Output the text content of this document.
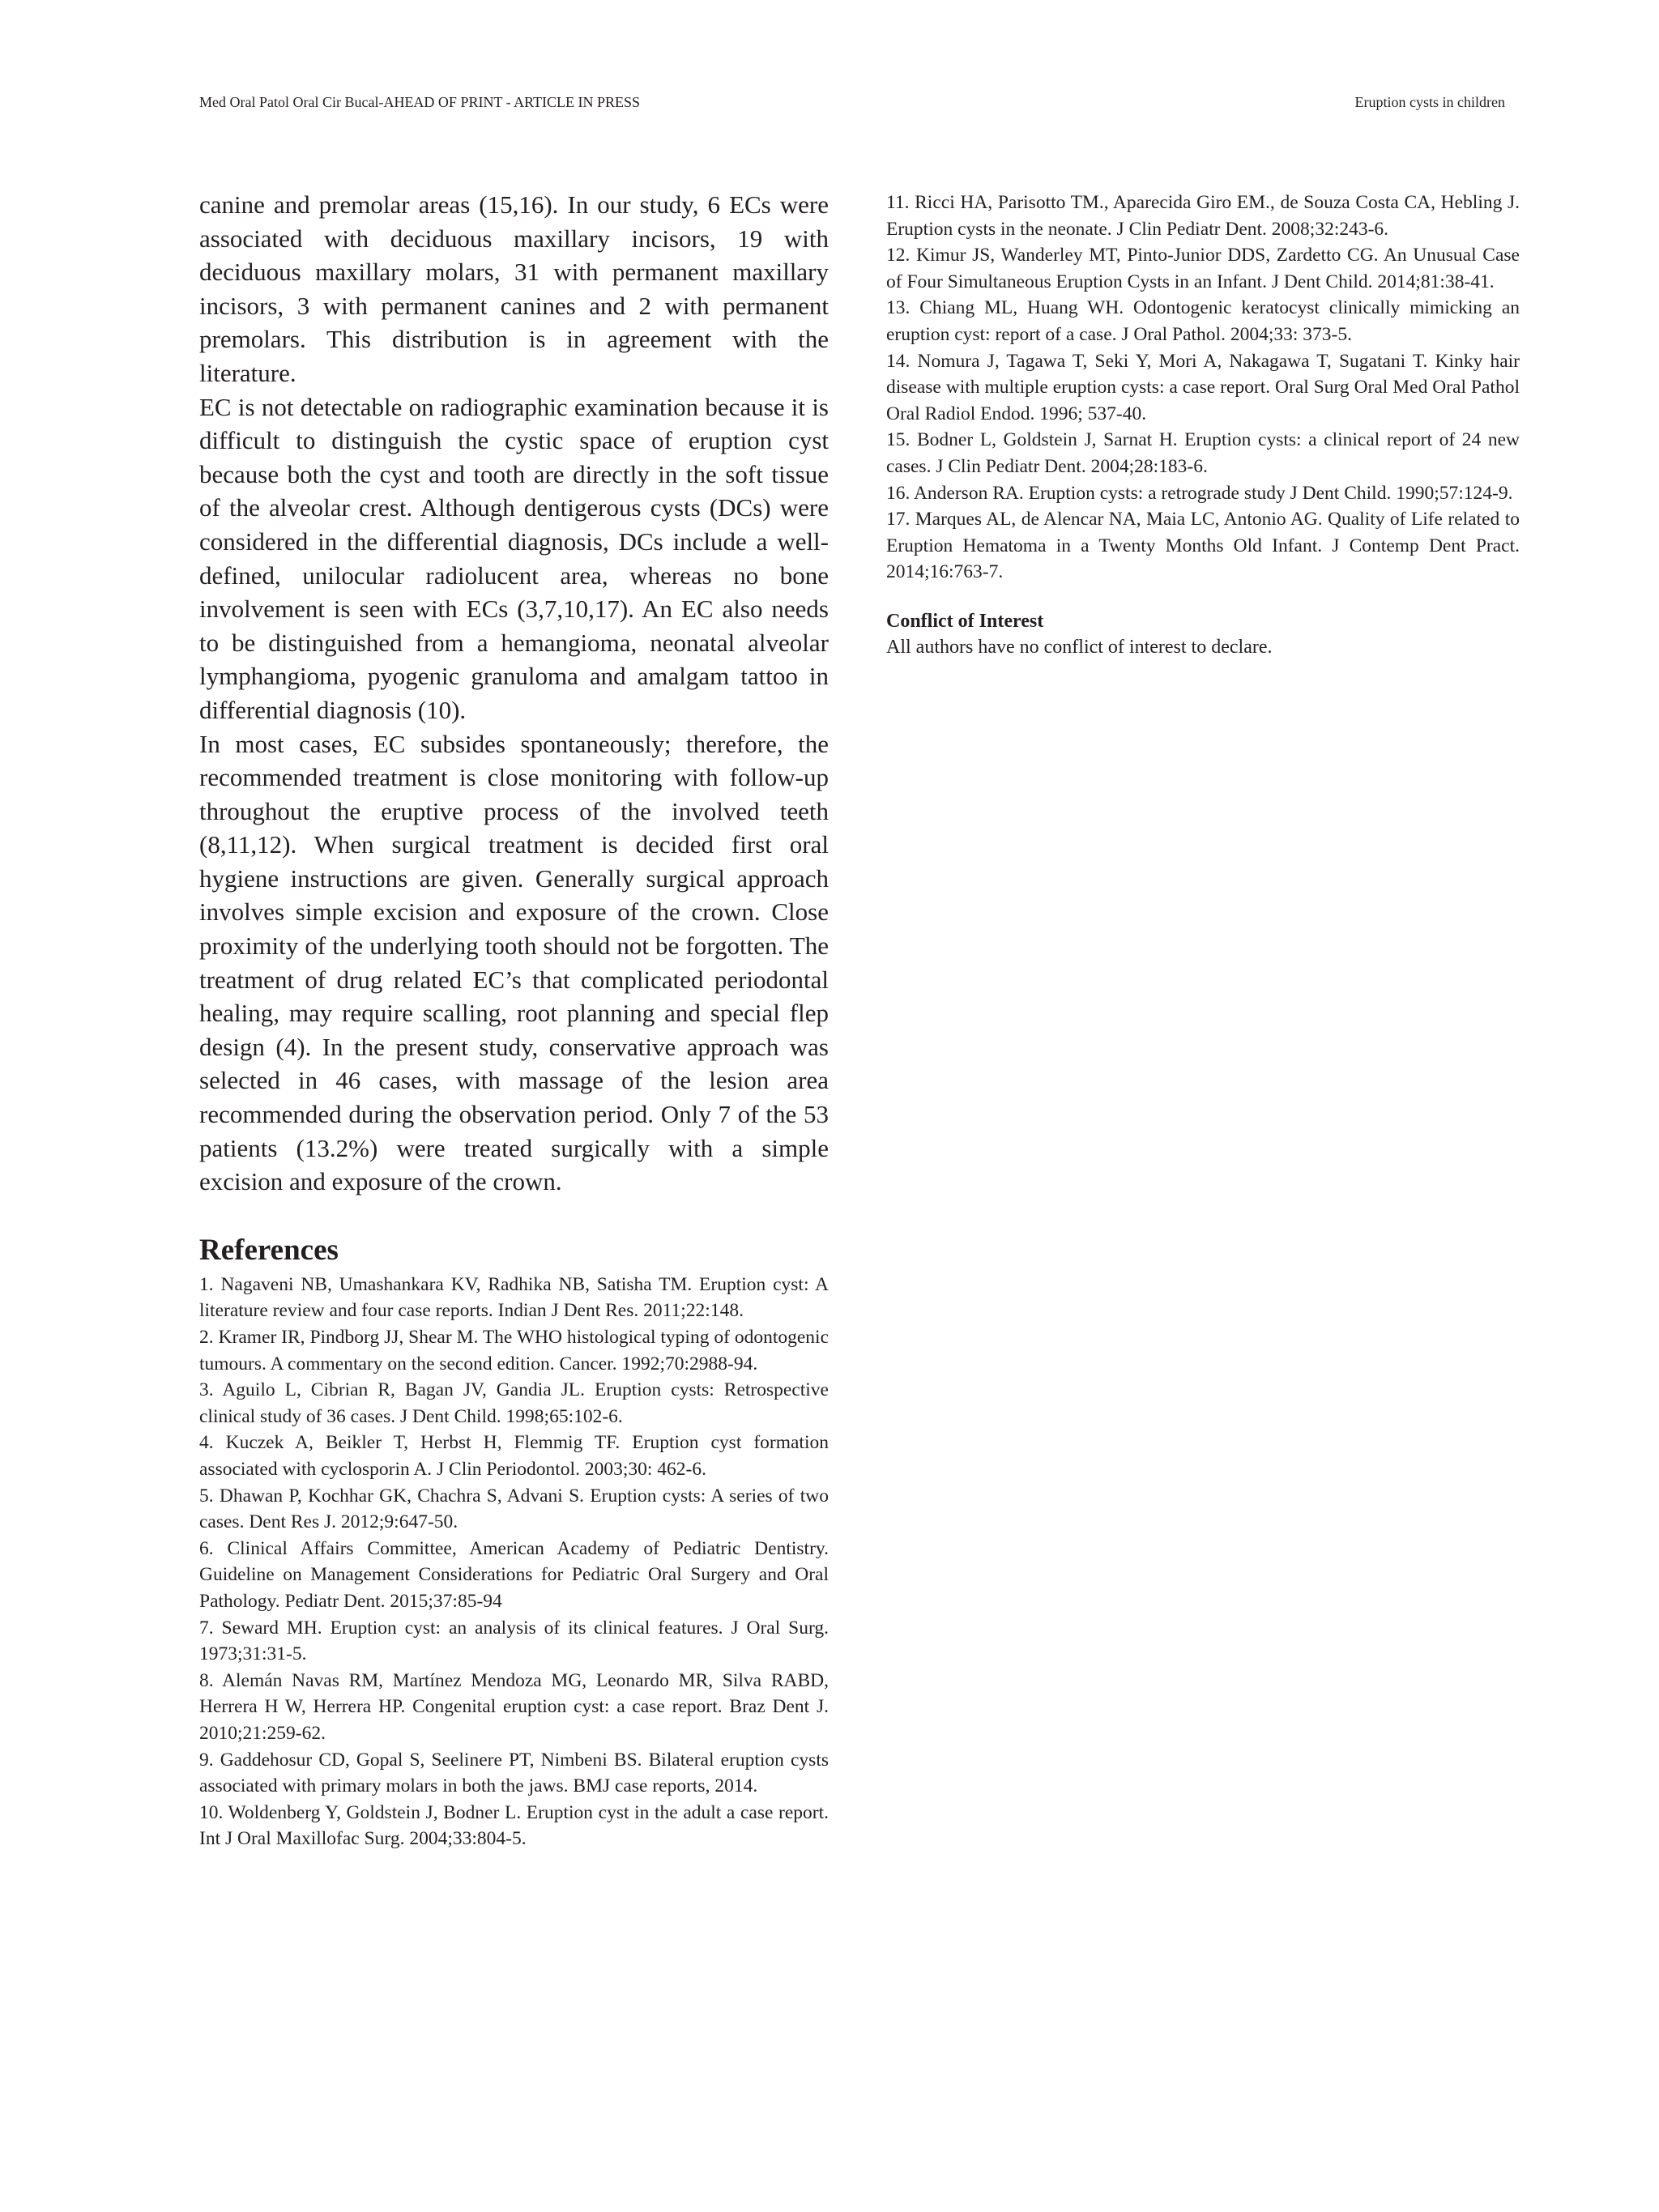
Med Oral Patol Oral Cir Bucal-AHEAD OF PRINT - ARTICLE IN PRESS	Eruption cysts in children

canine and premolar areas (15,16). In our study, 6 ECs were associated with deciduous maxillary incisors, 19 with deciduous maxillary molars, 31 with permanent maxillary incisors, 3 with permanent canines and 2 with permanent premolars. This distribution is in agreement with the literature.

EC is not detectable on radiographic examination because it is difficult to distinguish the cystic space of eruption cyst because both the cyst and tooth are directly in the soft tissue of the alveolar crest. Although dentigerous cysts (DCs) were considered in the differential diagnosis, DCs include a well-defined, unilocular radiolucent area, whereas no bone involvement is seen with ECs (3,7,10,17). An EC also needs to be distinguished from a hemangioma, neonatal alveolar lymphangioma, pyogenic granuloma and amalgam tattoo in differential diagnosis (10).

In most cases, EC subsides spontaneously; therefore, the recommended treatment is close monitoring with follow-up throughout the eruptive process of the involved teeth (8,11,12). When surgical treatment is decided first oral hygiene instructions are given. Generally surgical approach involves simple excision and exposure of the crown. Close proximity of the underlying tooth should not be forgotten. The treatment of drug related EC’s that complicated periodontal healing, may require scalling, root planning and special flep design (4). In the present study, conservative approach was selected in 46 cases, with massage of the lesion area recommended during the observation period. Only 7 of the 53 patients (13.2%) were treated surgically with a simple excision and exposure of the crown.

References
1. Nagaveni NB, Umashankara KV, Radhika NB, Satisha TM. Eruption cyst: A literature review and four case reports. Indian J Dent Res. 2011;22:148.
2. Kramer IR, Pindborg JJ, Shear M. The WHO histological typing of odontogenic tumours. A commentary on the second edition. Cancer. 1992;70:2988-94.
3. Aguilo L, Cibrian R, Bagan JV, Gandia JL. Eruption cysts: Retrospective clinical study of 36 cases. J Dent Child. 1998;65:102-6.
4. Kuczek A, Beikler T, Herbst H, Flemmig TF. Eruption cyst formation associated with cyclosporin A. J Clin Periodontol. 2003;30: 462-6.
5. Dhawan P, Kochhar GK, Chachra S, Advani S. Eruption cysts: A series of two cases. Dent Res J. 2012;9:647-50.
6. Clinical Affairs Committee, American Academy of Pediatric Dentistry. Guideline on Management Considerations for Pediatric Oral Surgery and Oral Pathology. Pediatr Dent. 2015;37:85-94
7. Seward MH. Eruption cyst: an analysis of its clinical features. J Oral Surg. 1973;31:31-5.
8. Alemán Navas RM, Martínez Mendoza MG, Leonardo MR, Silva RABD, Herrera H W, Herrera HP. Congenital eruption cyst: a case report. Braz Dent J. 2010;21:259-62.
9. Gaddehosur CD, Gopal S, Seelinere PT, Nimbeni BS. Bilateral eruption cysts associated with primary molars in both the jaws. BMJ case reports, 2014.
10. Woldenberg Y, Goldstein J, Bodner L. Eruption cyst in the adult a case report. Int J Oral Maxillofac Surg. 2004;33:804-5.
11. Ricci HA, Parisotto TM., Aparecida Giro EM., de Souza Costa CA, Hebling J. Eruption cysts in the neonate. J Clin Pediatr Dent. 2008;32:243-6.
12. Kimur JS, Wanderley MT, Pinto-Junior DDS, Zardetto CG. An Unusual Case of Four Simultaneous Eruption Cysts in an Infant. J Dent Child. 2014;81:38-41.
13. Chiang ML, Huang WH. Odontogenic keratocyst clinically mimicking an eruption cyst: report of a case. J Oral Pathol. 2004;33: 373-5.
14. Nomura J, Tagawa T, Seki Y, Mori A, Nakagawa T, Sugatani T. Kinky hair disease with multiple eruption cysts: a case report. Oral Surg Oral Med Oral Pathol Oral Radiol Endod. 1996; 537-40.
15. Bodner L, Goldstein J, Sarnat H. Eruption cysts: a clinical report of 24 new cases. J Clin Pediatr Dent. 2004;28:183-6.
16. Anderson RA. Eruption cysts: a retrograde study J Dent Child. 1990;57:124-9.
17. Marques AL, de Alencar NA, Maia LC, Antonio AG. Quality of Life related to Eruption Hematoma in a Twenty Months Old Infant. J Contemp Dent Pract. 2014;16:763-7.
Conflict of Interest

All authors have no conflict of interest to declare.
